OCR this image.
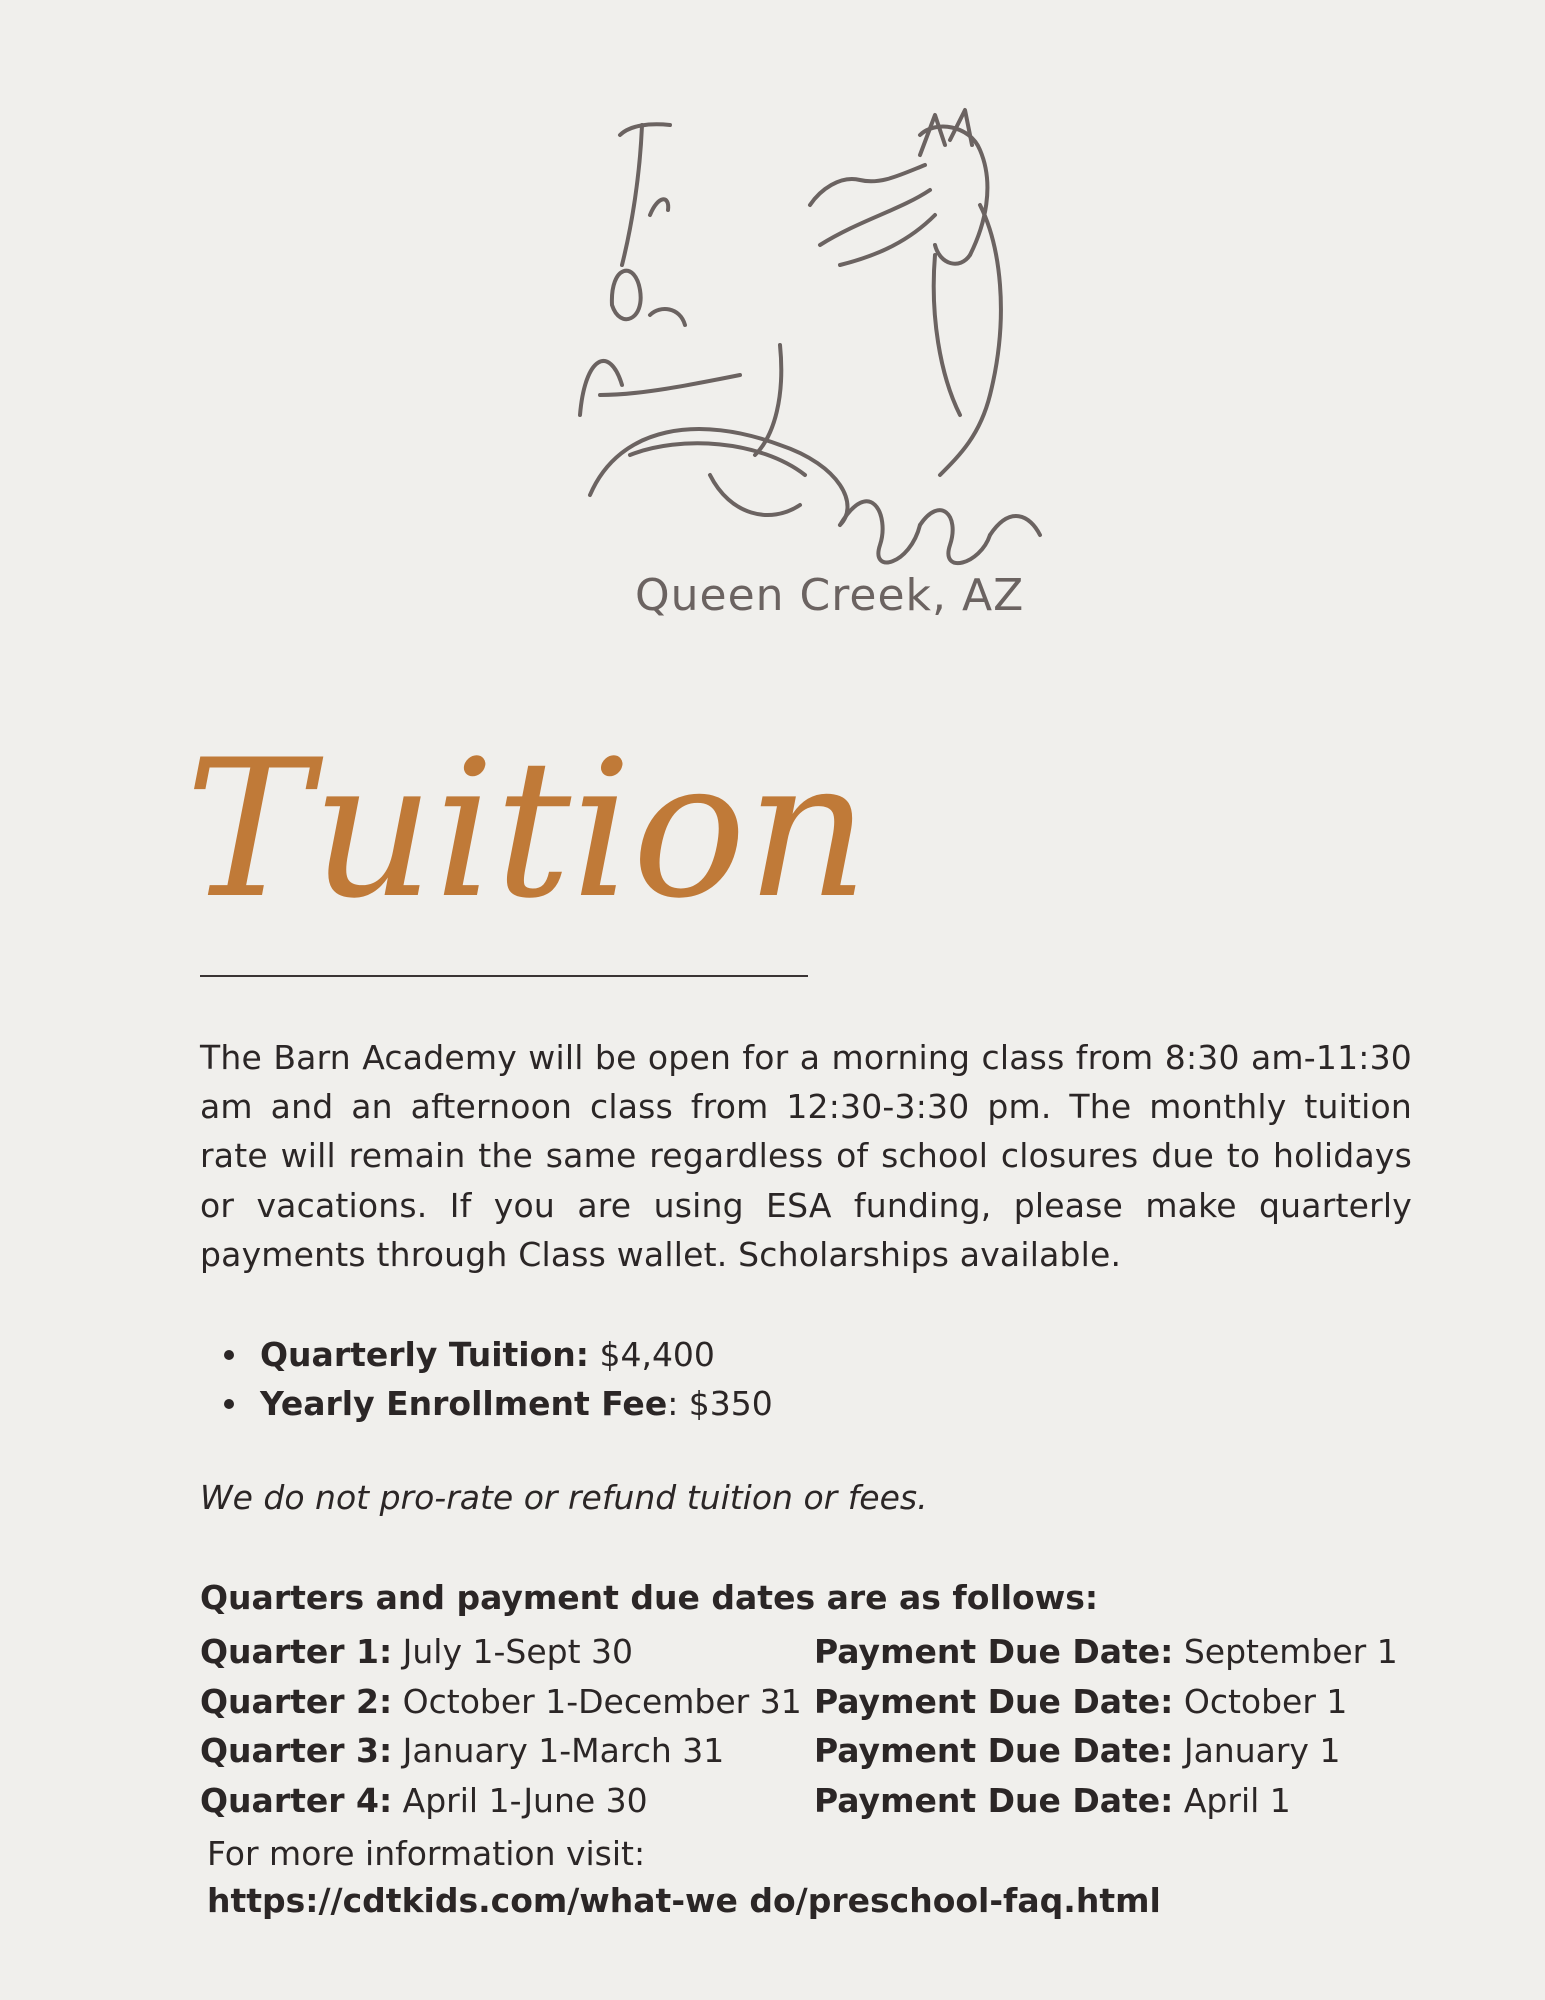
Queen Creek, AZ
Tuition
The Barn Academy will be open for a morning class from 8:30 am-11:30 am and an afternoon class from 12:30-3:30 pm. The monthly tuition rate will remain the same regardless of school closures due to holidays or vacations. If you are using ESA funding, please make quarterly payments through Class wallet. Scholarships available.
Quarterly Tuition: $4,400
Yearly Enrollment Fee: $350
We do not pro-rate or refund tuition or fees.
Quarters and payment due dates are as follows:
Quarter 1: July 1-Sept 30	Payment Due Date: September 1
Quarter 2: October 1-December 31 Payment Due Date: October 1
Quarter 3: January 1-March 31	Payment Due Date: January 1
Quarter 4: April 1-June 30	Payment Due Date: April 1
For more information visit:
https://cdtkids.com/what-we do/preschool-faq.html
